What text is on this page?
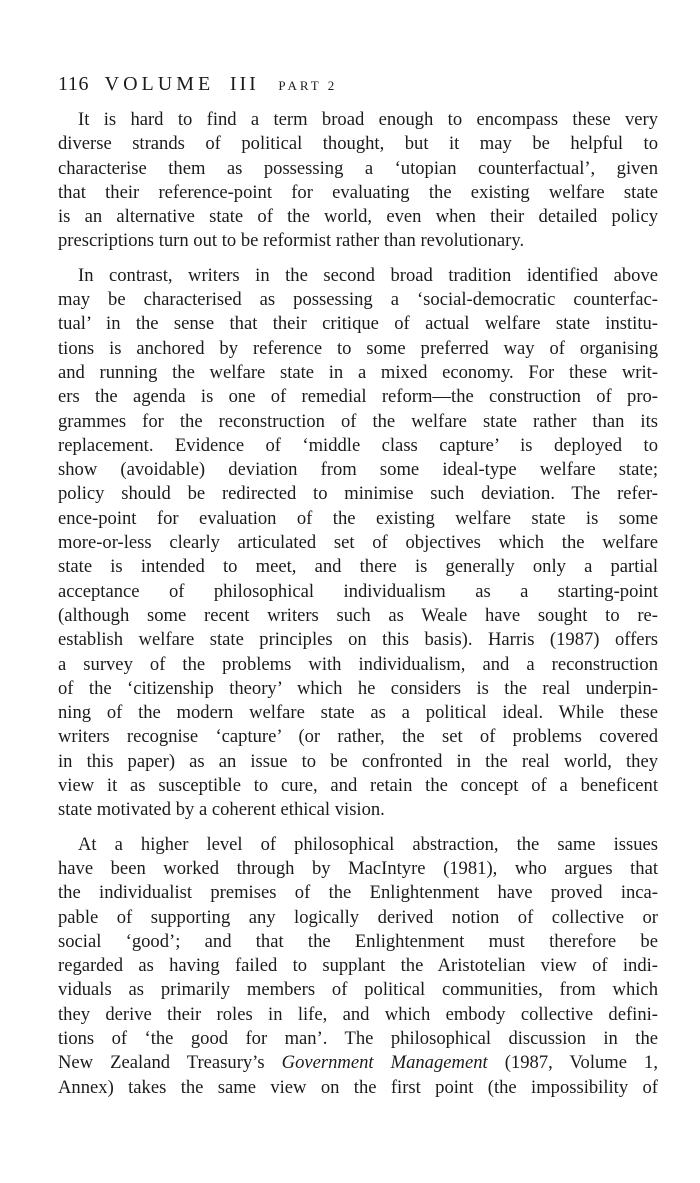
116 VOLUME III PART 2

It is hard to find a term broad enough to encompass these very
diverse strands of political thought, but it may be helpful to
characterise them as possessing a ‘utopian counterfactual’, given
that their reference-point for evaluating the existing welfare state
is an alternative state of the world, even when their detailed policy
prescriptions turn out to be reformist rather than revolutionary.

In contrast, writers in the second broad tradition identified above
may be characterised as possessing a ‘social-democratic counterfac-
tual’ in the sense that their critique of actual welfare state institu-
tions is anchored by reference to some preferred way of organising
and running the welfare state in a mixed economy. For these writ-
ers the agenda is one of remedial reform—the construction of pro-
grammes for the reconstruction of the welfare state rather than its
replacement. Evidence of ‘middle class capture’ is deployed to
show (avoidable) deviation from some ideal-type welfare state;
policy should be redirected to minimise such deviation. The refer-
ence-point for evaluation of the existing welfare state is some
more-or-less clearly articulated set of objectives which the welfare
state is intended to meet, and there is generally only a partial
acceptance of philosophical individualism as a starting-point
(although some recent writers such as Weale have sought to re-
establish welfare state principles on this basis). Harris (1987) offers
a survey of the problems with individualism, and a reconstruction
of the ‘citizenship theory’ which he considers is the real underpin-
ning of the modern welfare state as a political ideal. While these
writers recognise ‘capture’ (or rather, the set of problems covered
in this paper) as an issue to be confronted in the real world, they
view it as susceptible to cure, and retain the concept of a beneficent
state motivated by a coherent ethical vision.

At a higher level of philosophical abstraction, the same issues
have been worked through by MacIntyre (1981), who argues that
the individualist premises of the Enlightenment have proved inca-
pable of supporting any logically derived notion of collective or
social ‘good’; and that the Enlightenment must therefore be
regarded as having failed to supplant the Aristotelian view of indi-
viduals as primarily members of political communities, from which
they derive their roles in life, and which embody collective defini-
tions of ‘the good for man’. The philosophical discussion in the
New Zealand Treasury’s Government Management (1987, Volume 1,
Annex) takes the same view on the first point (the impossibility of
